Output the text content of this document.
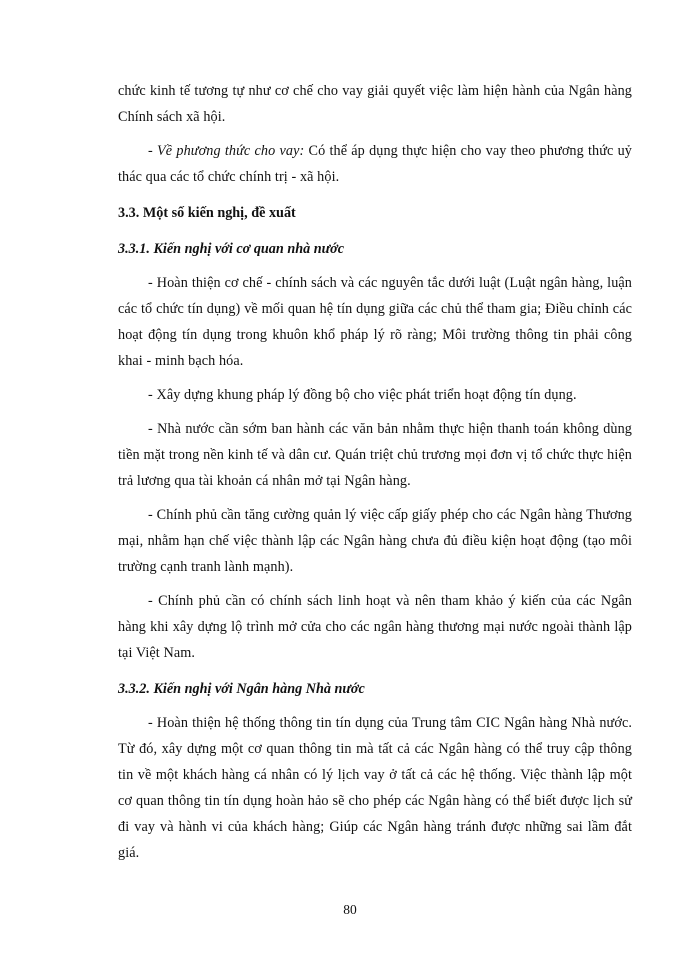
chức kinh tế tương tự như cơ chế cho vay giải quyết việc làm hiện hành của Ngân hàng Chính sách xã hội.

- Về phương thức cho vay: Có thể áp dụng thực hiện cho vay theo phương thức uỷ thác qua các tổ chức chính trị - xã hội.

3.3. Một số kiến nghị, đề xuất
3.3.1. Kiến nghị với cơ quan nhà nước

- Hoàn thiện cơ chế - chính sách và các nguyên tắc dưới luật (Luật ngân hàng, luận các tổ chức tín dụng) về mối quan hệ tín dụng giữa các chủ thể tham gia; Điều chỉnh các hoạt động tín dụng trong khuôn khổ pháp lý rõ ràng; Môi trường thông tin phải công khai - minh bạch hóa.

- Xây dựng khung pháp lý đồng bộ cho việc phát triển hoạt động tín dụng.

- Nhà nước cần sớm ban hành các văn bản nhằm thực hiện thanh toán không dùng tiền mặt trong nền kinh tế và dân cư. Quán triệt chủ trương mọi đơn vị tổ chức thực hiện trả lương qua tài khoản cá nhân mở tại Ngân hàng.

- Chính phủ cần tăng cường quản lý việc cấp giấy phép cho các Ngân hàng Thương mại, nhằm hạn chế việc thành lập các Ngân hàng chưa đủ điều kiện hoạt động (tạo môi trường cạnh tranh lành mạnh).

- Chính phủ cần có chính sách linh hoạt và nên tham khảo ý kiến của các Ngân hàng khi xây dựng lộ trình mở cửa cho các ngân hàng thương mại nước ngoài thành lập tại Việt Nam.

3.3.2. Kiến nghị với Ngân hàng Nhà nước

- Hoàn thiện hệ thống thông tin tín dụng của Trung tâm CIC Ngân hàng Nhà nước. Từ đó, xây dựng một cơ quan thông tin mà tất cả các Ngân hàng có thể truy cập thông tin về một khách hàng cá nhân có lý lịch vay ở tất cả các hệ thống. Việc thành lập một cơ quan thông tin tín dụng hoàn hảo sẽ cho phép các Ngân hàng có thể biết được lịch sử đi vay và hành vi của khách hàng; Giúp các Ngân hàng tránh được những sai lầm đắt giá.

80
